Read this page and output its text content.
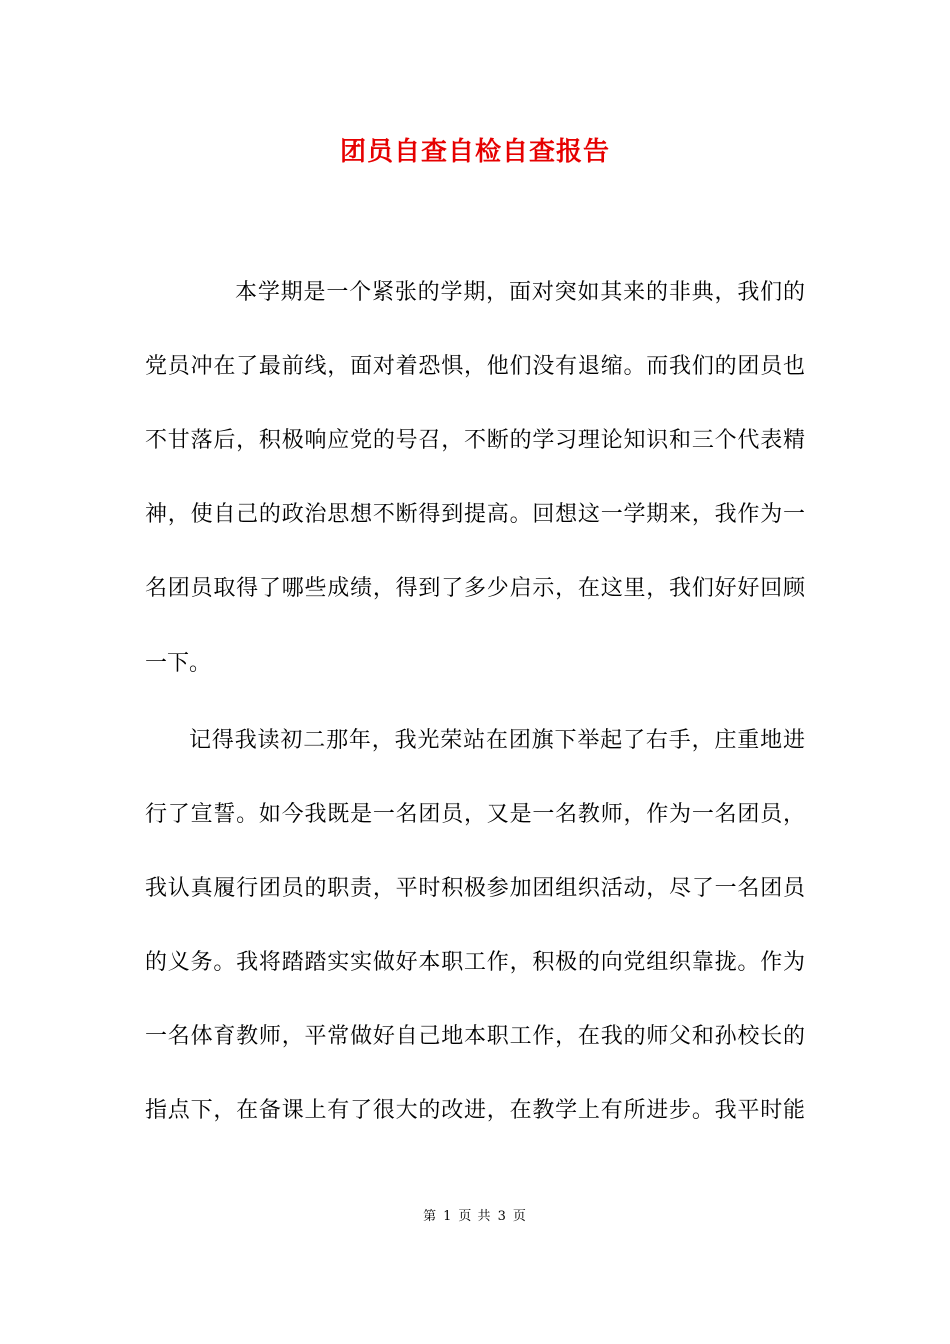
团员自查自检自查报告
本学期是一个紧张的学期，面对突如其来的非典，我们的
党员冲在了最前线，面对着恐惧，他们没有退缩。而我们的团员也
不甘落后，积极响应党的号召，不断的学习理论知识和三个代表精
神，使自己的政治思想不断得到提高。回想这一学期来，我作为一
名团员取得了哪些成绩，得到了多少启示，在这里，我们好好回顾
一下。
记得我读初二那年，我光荣站在团旗下举起了右手，庄重地进
行了宣誓。如今我既是一名团员，又是一名教师，作为一名团员，
我认真履行团员的职责，平时积极参加团组织活动，尽了一名团员
的义务。我将踏踏实实做好本职工作，积极的向党组织靠拢。作为
一名体育教师，平常做好自己地本职工作，在我的师父和孙校长的
指点下，在备课上有了很大的改进，在教学上有所进步。我平时能
第 1 页 共 3 页
